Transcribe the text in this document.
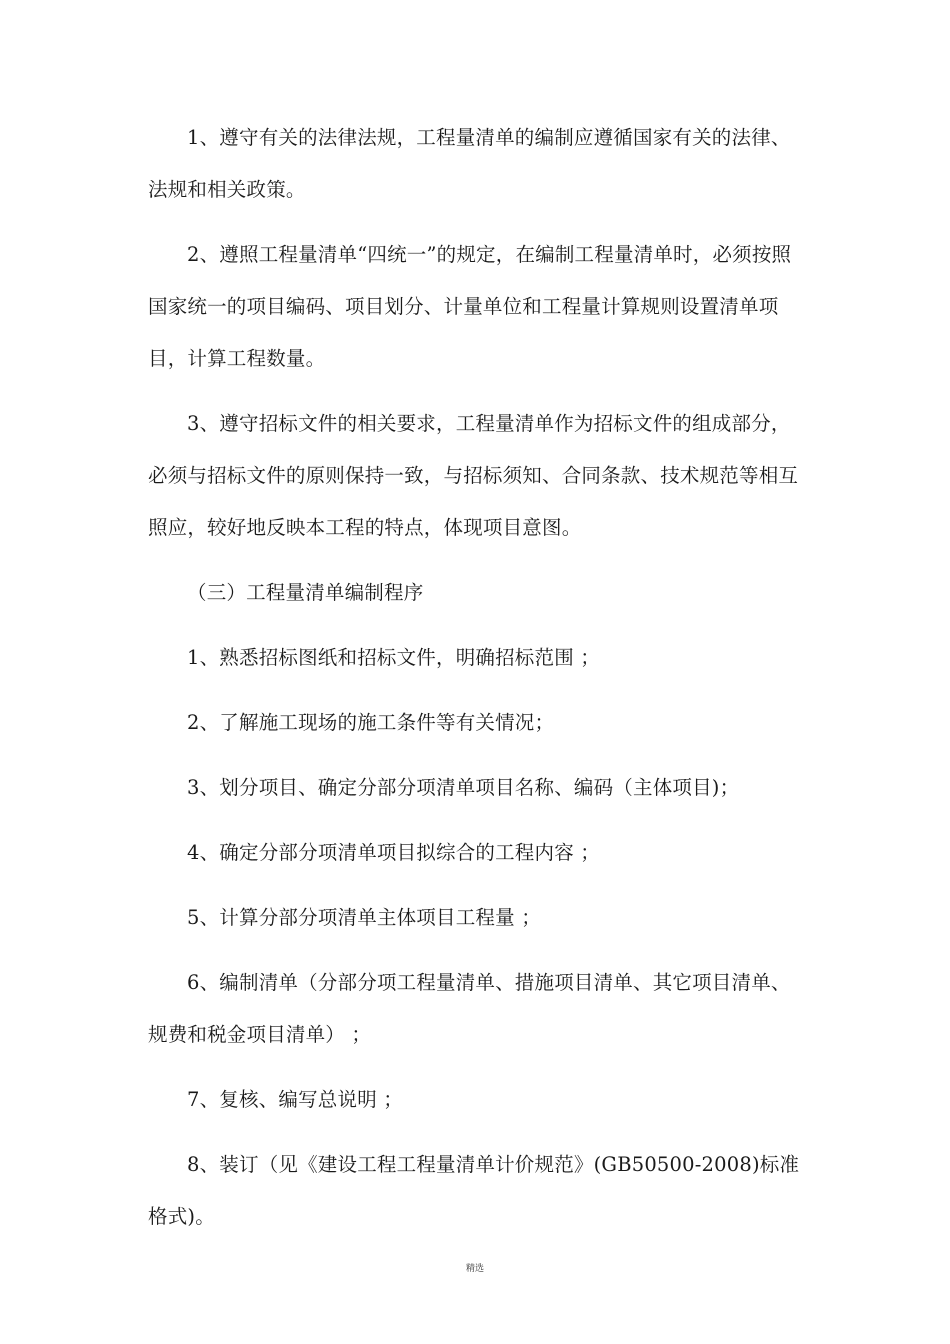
1、遵守有关的法律法规，工程量清单的编制应遵循国家有关的法律、法规和相关政策。

2、遵照工程量清单“四统一”的规定，在编制工程量清单时，必须按照国家统一的项目编码、项目划分、计量单位和工程量计算规则设置清单项目，计算工程数量。

3、遵守招标文件的相关要求，工程量清单作为招标文件的组成部分，必须与招标文件的原则保持一致，与招标须知、合同条款、技术规范等相互照应，较好地反映本工程的特点，体现项目意图。

（三）工程量清单编制程序

1、熟悉招标图纸和招标文件，明确招标范围 ；

2、了解施工现场的施工条件等有关情况；

3、划分项目、确定分部分项清单项目名称、编码（主体项目)；

4、确定分部分项清单项目拟综合的工程内容 ；

5、计算分部分项清单主体项目工程量 ；

6、编制清单（分部分项工程量清单、措施项目清单、其它项目清单、规费和税金项目清单） ；

7、复核、编写总说明 ；

8、装订（见《建设工程工程量清单计价规范》(GB50500-2008)标准格式)。

精选
